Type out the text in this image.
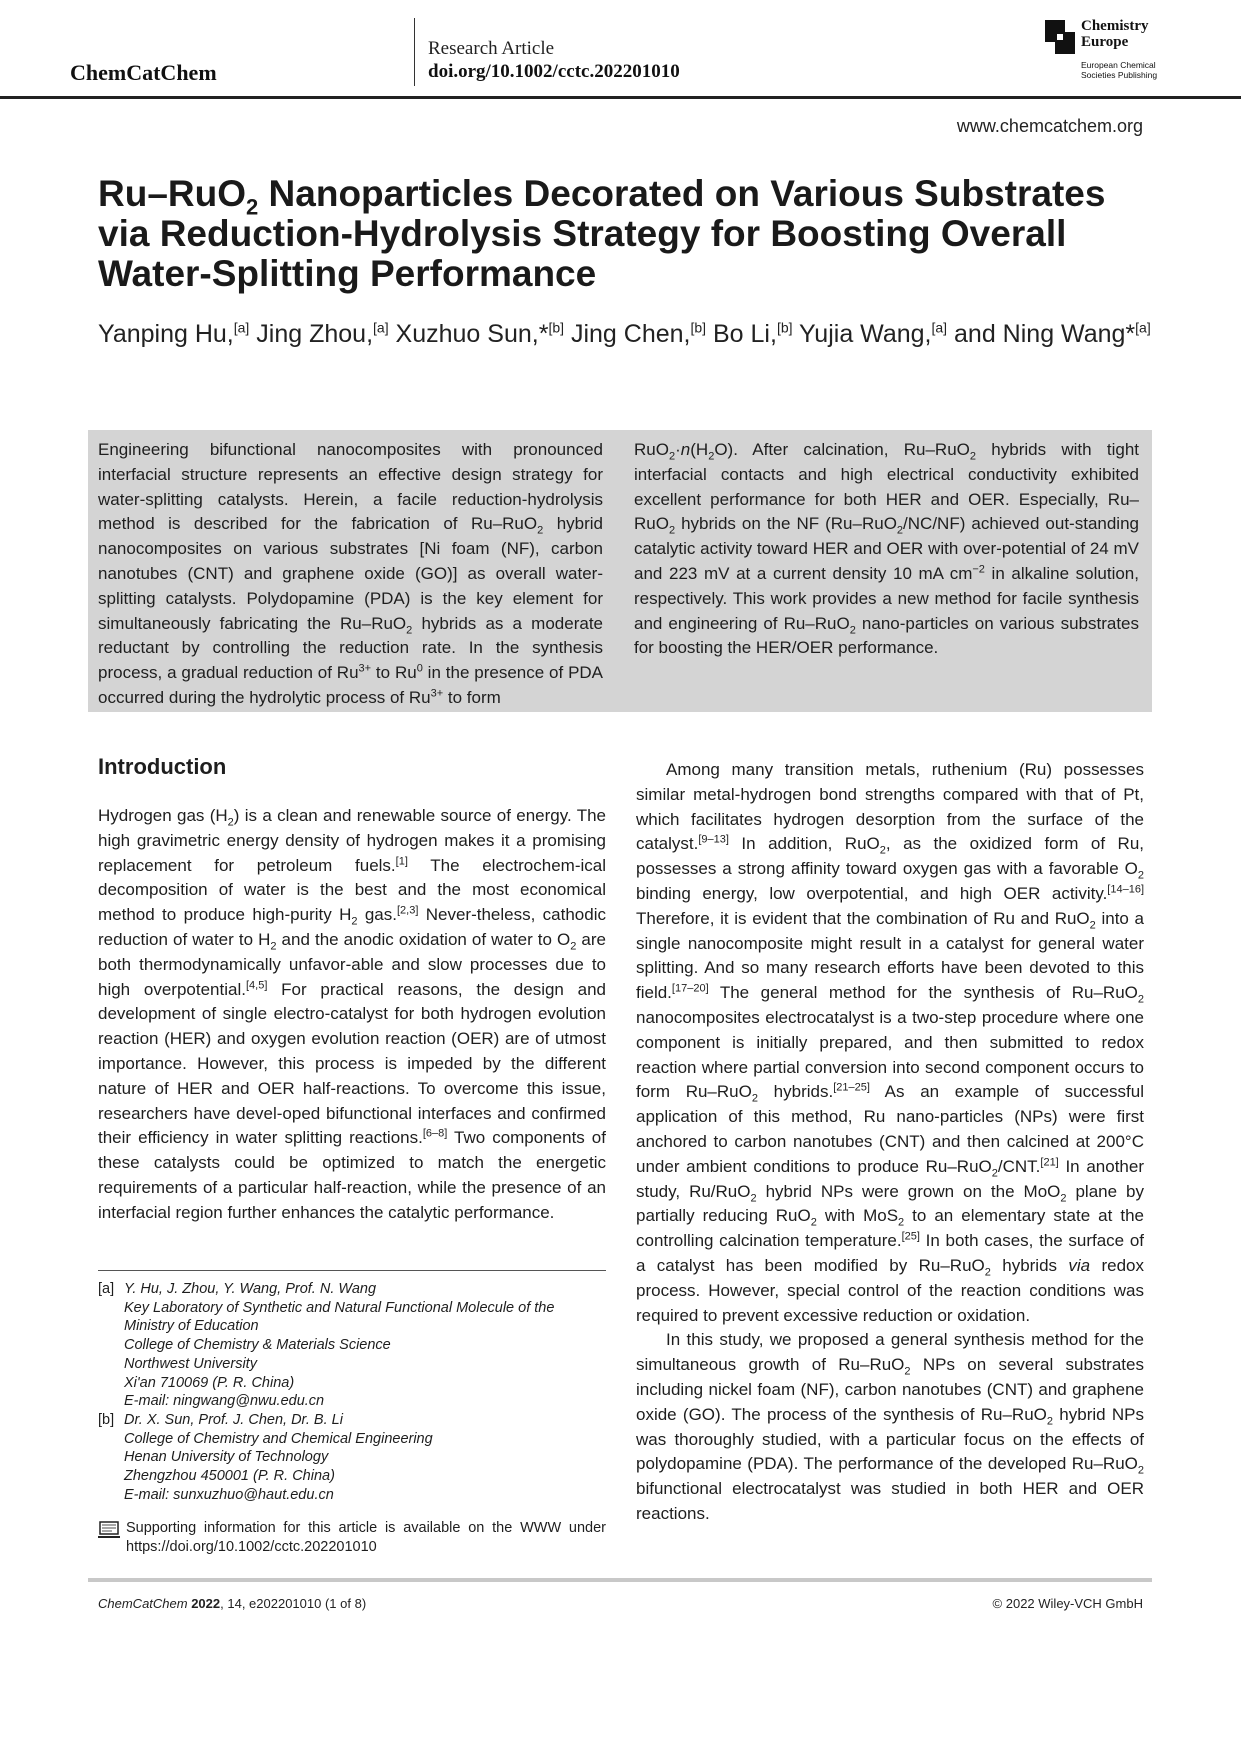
ChemCatChem
Research Article
doi.org/10.1002/cctc.202201010
Chemistry
Europe
European Chemical
Societies Publishing
www.chemcatchem.org
Ru–RuO$_2$ Nanoparticles Decorated on Various Substrates via Reduction-Hydrolysis Strategy for Boosting Overall Water-Splitting Performance
Yanping Hu,[a] Jing Zhou,[a] Xuzhuo Sun,*[b] Jing Chen,[b] Bo Li,[b] Yujia Wang,[a] and Ning Wang*[a]
Engineering bifunctional nanocomposites with pronounced interfacial structure represents an effective design strategy for water-splitting catalysts. Herein, a facile reduction-hydrolysis method is described for the fabrication of Ru–RuO$_2$ hybrid nanocomposites on various substrates [Ni foam (NF), carbon nanotubes (CNT) and graphene oxide (GO)] as overall water-splitting catalysts. Polydopamine (PDA) is the key element for simultaneously fabricating the Ru–RuO$_2$ hybrids as a moderate reductant by controlling the reduction rate. In the synthesis process, a gradual reduction of $Ru^{3+}$ to Ru$^0$ in the presence of PDA occurred during the hydrolytic process of $Ru^{3+}$ to form
$RuO_2\cdot n(H_2O)$. After calcination, Ru–RuO$_2$ hybrids with tight interfacial contacts and high electrical conductivity exhibited excellent performance for both HER and OER. Especially, Ru–RuO$_2$ hybrids on the NF (Ru–RuO$_2$/NC/NF) achieved out-standing catalytic activity toward HER and OER with over-potential of 24 mV and 223 mV at a current density 10 mA $cm^{-2}$ in alkaline solution, respectively. This work provides a new method for facile synthesis and engineering of Ru–RuO$_2$ nano-particles on various substrates for boosting the HER/OER performance.
Introduction

Hydrogen gas $(H_2)$ is a clean and renewable source of energy. The high gravimetric energy density of hydrogen makes it a promising replacement for petroleum fuels.[1] The electrochem-ical decomposition of water is the best and the most economical method to produce high-purity $H_2$ gas.[2,3] Never-theless, cathodic reduction of water to $H_2$ and the anodic oxidation of water to $O_2$ are both thermodynamically unfavor-able and slow processes due to high overpotential.[4,5] For practical reasons, the design and development of single electro-catalyst for both hydrogen evolution reaction (HER) and oxygen evolution reaction (OER) are of utmost importance. However, this process is impeded by the different nature of HER and OER half-reactions. To overcome this issue, researchers have devel-oped bifunctional interfaces and confirmed their efficiency in water splitting reactions.[6–8] Two components of these catalysts could be optimized to match the energetic requirements of a particular half-reaction, while the presence of an interfacial region further enhances the catalytic performance.

[a] Y. Hu, J. Zhou, Y. Wang, Prof. N. Wang
Key Laboratory of Synthetic and Natural Functional Molecule of the Ministry of Education
College of Chemistry & Materials Science
Northwest University
Xi'an 710069 (P. R. China)
E-mail: ningwang@nwu.edu.cn
[b] Dr. X. Sun, Prof. J. Chen, Dr. B. Li
College of Chemistry and Chemical Engineering
Henan University of Technology
Zhengzhou 450001 (P. R. China)
E-mail: sunxuzhuo@haut.edu.cn
Supporting information for this article is available on the WWW under https://doi.org/10.1002/cctc.202201010

Among many transition metals, ruthenium (Ru) possesses similar metal-hydrogen bond strengths compared with that of Pt, which facilitates hydrogen desorption from the surface of the catalyst.[9–13] In addition, RuO$_2$, as the oxidized form of Ru, possesses a strong affinity toward oxygen gas with a favorable $O_2$ binding energy, low overpotential, and high OER activity.[14–16] Therefore, it is evident that the combination of Ru and RuO$_2$ into a single nanocomposite might result in a catalyst for general water splitting. And so many research efforts have been devoted to this field.[17–20] The general method for the synthesis of Ru–RuO$_2$ nanocomposites electrocatalyst is a two-step procedure where one component is initially prepared, and then submitted to redox reaction where partial conversion into second component occurs to form Ru–RuO$_2$ hybrids.[21–25] As an example of successful application of this method, Ru nano-particles (NPs) were first anchored to carbon nanotubes (CNT) and then calcined at 200°C under ambient conditions to produce Ru–RuO$_2$/CNT.[21] In another study, Ru/RuO$_2$ hybrid NPs were grown on the MoO$_2$ plane by partially reducing RuO$_2$ with MoS$_2$ to an elementary state at the controlling calcination temperature.[25] In both cases, the surface of a catalyst has been modified by Ru–RuO$_2$ hybrids via redox process. However, special control of the reaction conditions was required to prevent excessive reduction or oxidation.

In this study, we proposed a general synthesis method for the simultaneous growth of Ru–RuO$_2$ NPs on several substrates including nickel foam (NF), carbon nanotubes (CNT) and graphene oxide (GO). The process of the synthesis of Ru–RuO$_2$ hybrid NPs was thoroughly studied, with a particular focus on the effects of polydopamine (PDA). The performance of the developed Ru–RuO$_2$ bifunctional electrocatalyst was studied in both HER and OER reactions.

ChemCatChem 2022, 14, e202201010 (1 of 8)	© 2022 Wiley-VCH GmbH
